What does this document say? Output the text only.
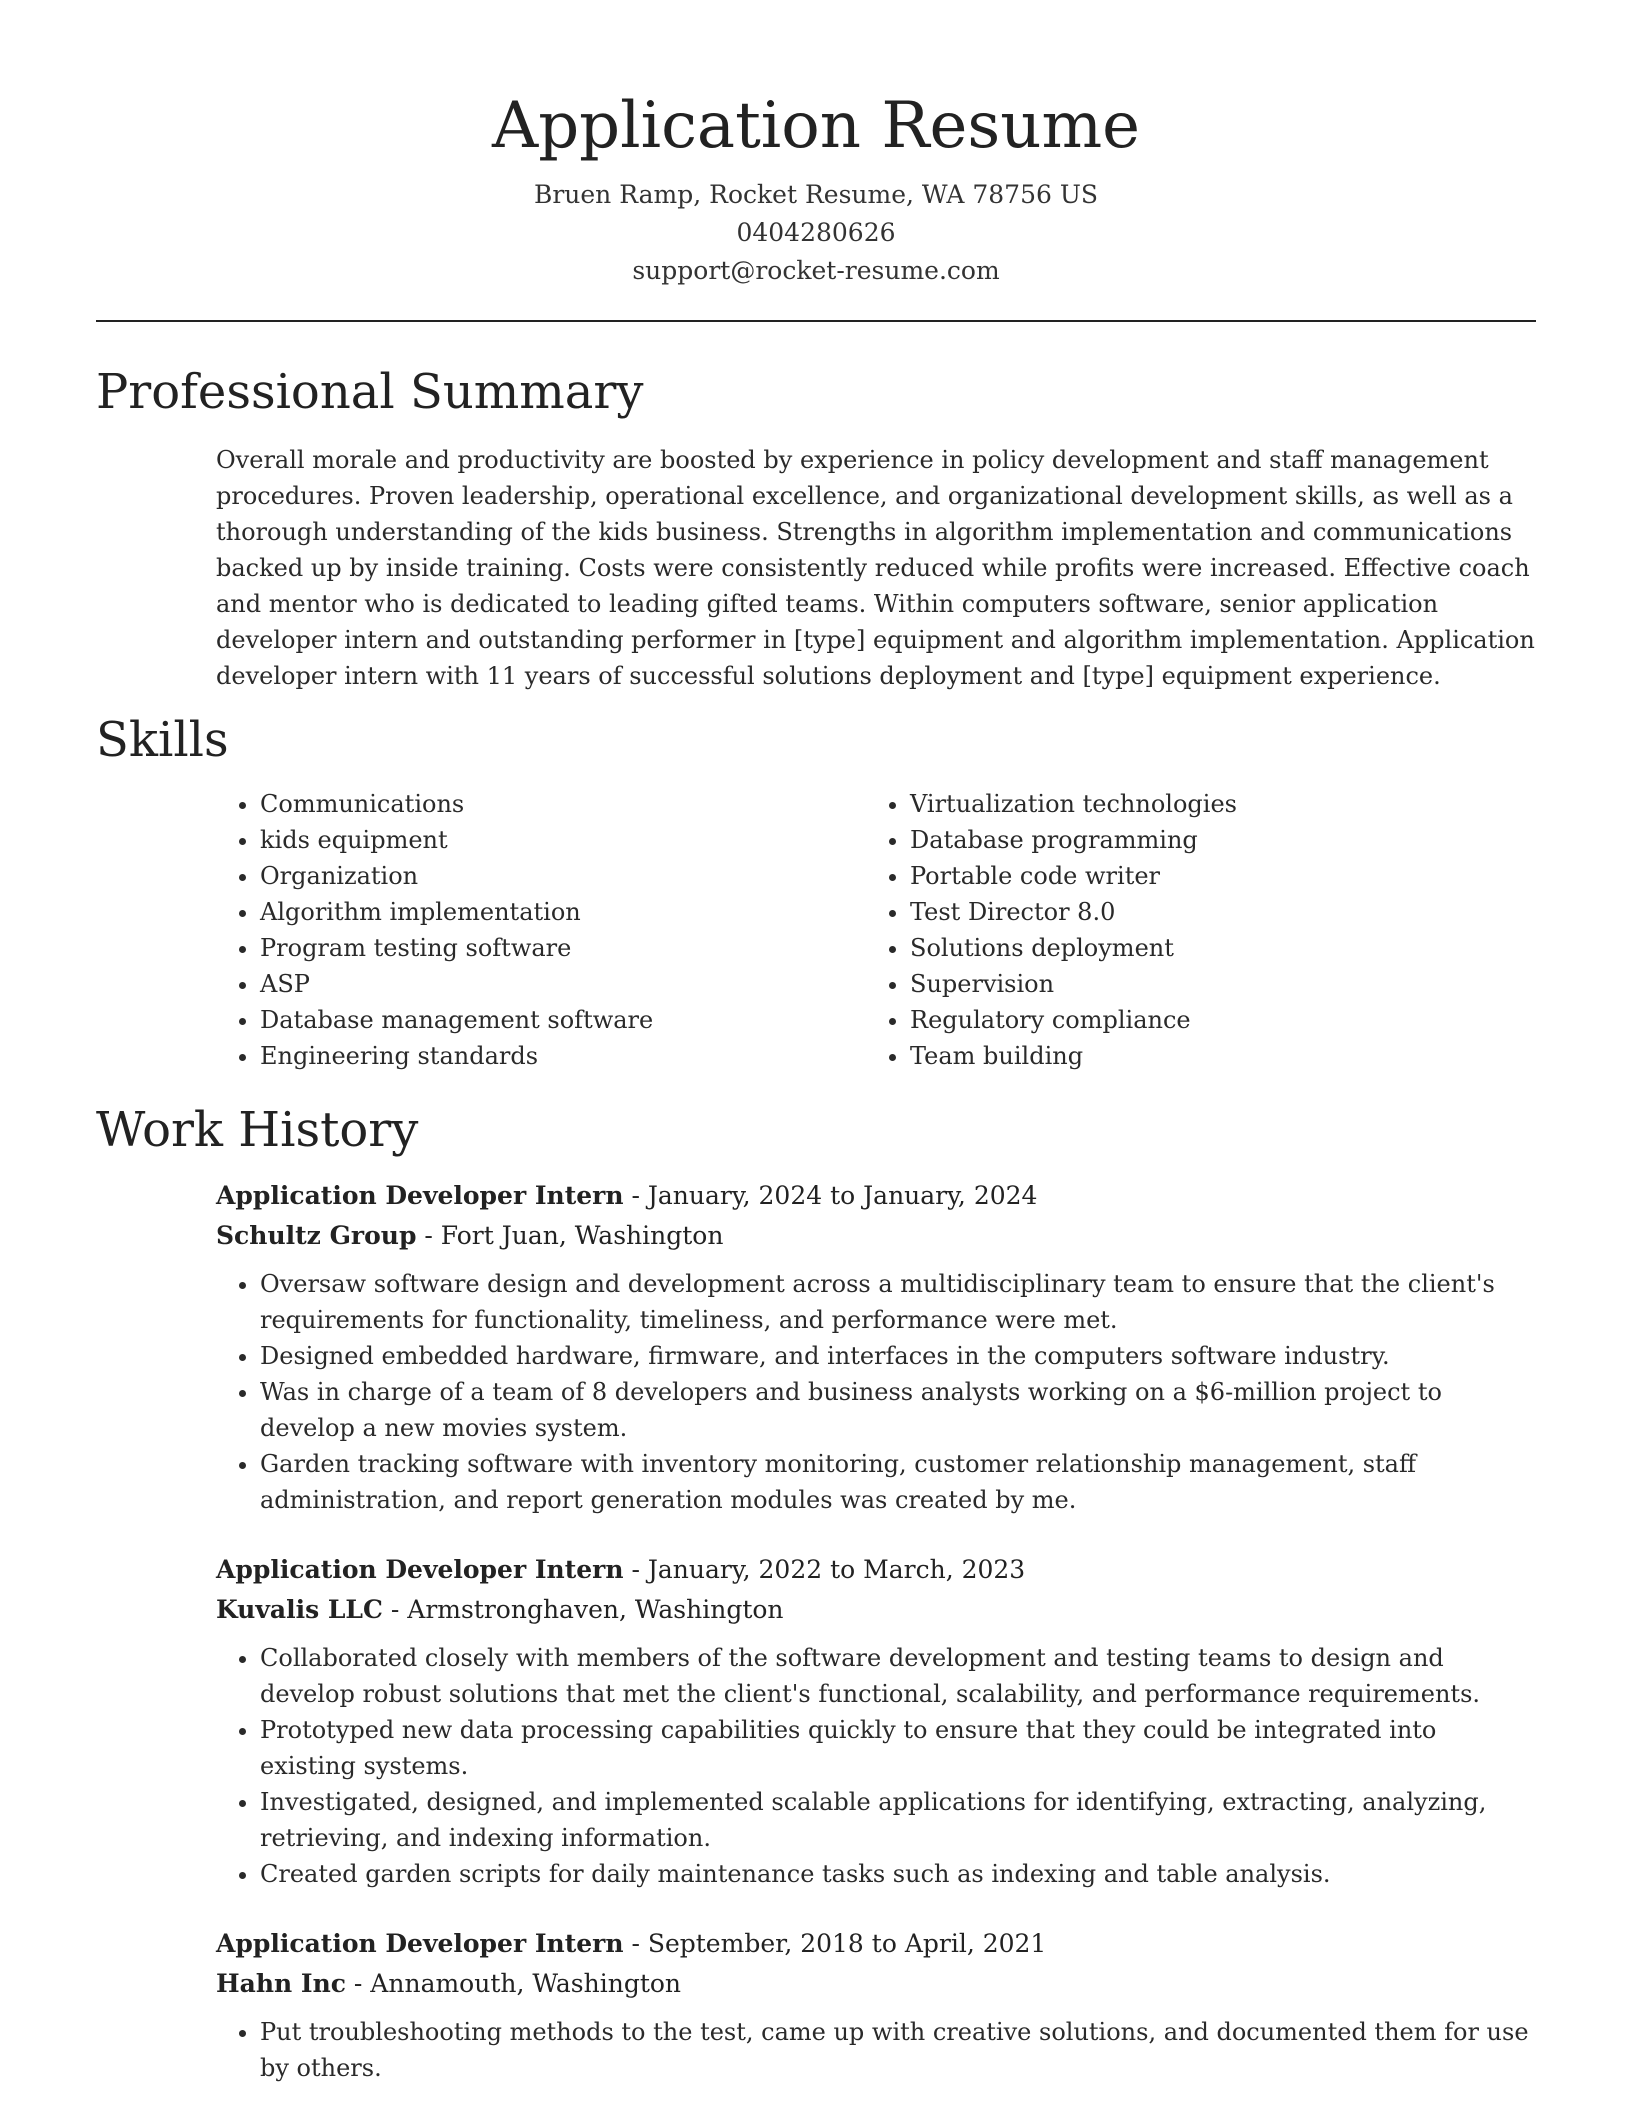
Application Resume
Bruen Ramp, Rocket Resume, WA 78756 US
0404280626
support@rocket-resume.com
Professional Summary
Overall morale and productivity are boosted by experience in policy development and staff management procedures. Proven leadership, operational excellence, and organizational development skills, as well as a thorough understanding of the kids business. Strengths in algorithm implementation and communications backed up by inside training. Costs were consistently reduced while profits were increased. Effective coach and mentor who is dedicated to leading gifted teams. Within computers software, senior application developer intern and outstanding performer in [type] equipment and algorithm implementation. Application developer intern with 11 years of successful solutions deployment and [type] equipment experience.
Skills
• Communications
• kids equipment
• Organization
• Algorithm implementation
• Program testing software
• ASP
• Database management software
• Engineering standards
• Virtualization technologies
• Database programming
• Portable code writer
• Test Director 8.0
• Solutions deployment
• Supervision
• Regulatory compliance
• Team building
Work History
Application Developer Intern - January, 2024 to January, 2024
Schultz Group - Fort Juan, Washington
• Oversaw software design and development across a multidisciplinary team to ensure that the client's requirements for functionality, timeliness, and performance were met.
• Designed embedded hardware, firmware, and interfaces in the computers software industry.
• Was in charge of a team of 8 developers and business analysts working on a $6-million project to develop a new movies system.
• Garden tracking software with inventory monitoring, customer relationship management, staff administration, and report generation modules was created by me.
Application Developer Intern - January, 2022 to March, 2023
Kuvalis LLC - Armstronghaven, Washington
• Collaborated closely with members of the software development and testing teams to design and develop robust solutions that met the client's functional, scalability, and performance requirements.
• Prototyped new data processing capabilities quickly to ensure that they could be integrated into existing systems.
• Investigated, designed, and implemented scalable applications for identifying, extracting, analyzing, retrieving, and indexing information.
• Created garden scripts for daily maintenance tasks such as indexing and table analysis.
Application Developer Intern - September, 2018 to April, 2021
Hahn Inc - Annamouth, Washington
• Put troubleshooting methods to the test, came up with creative solutions, and documented them for use by others.
